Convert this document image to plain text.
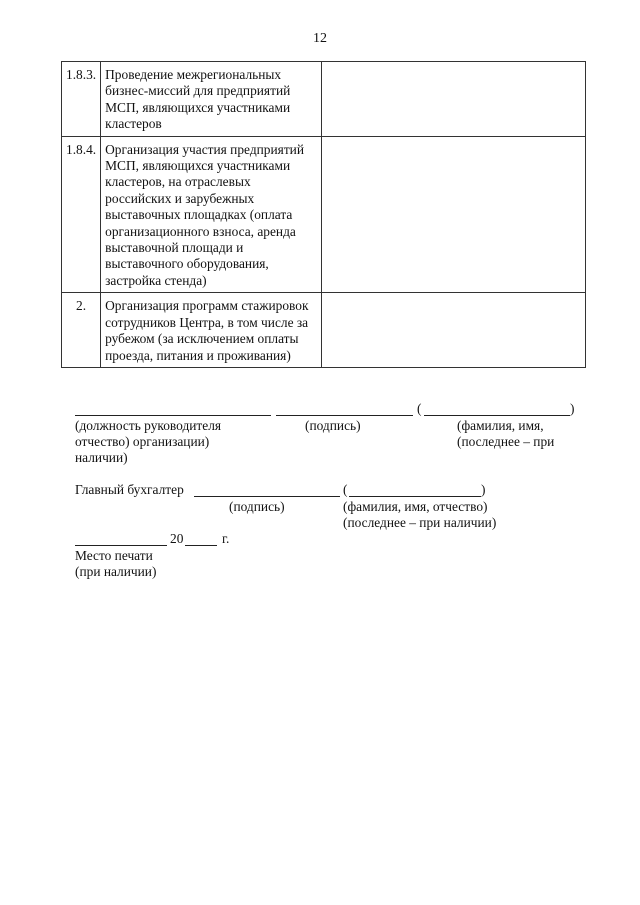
12
1.8.3.	Проведение межрегиональных бизнес-миссий для предприятий МСП, являющихся участниками кластеров	
1.8.4.	Организация участия предприятий МСП, являющихся участниками кластеров, на отраслевых российских и зарубежных выставочных площадках (оплата организационного взноса, аренда выставочной площади и выставочного оборудования, застройка стенда)	
2.	Организация программ стажировок сотрудников Центра, в том числе за рубежом (за исключением оплаты проезда, питания и проживания)	
(	)
(должность руководителя
отчество) организации)
наличии)
(подпись)	(фамилия, имя,
(последнее – при
Главный бухгалтер	(	)
(подпись)	(фамилия, имя, отчество)
(последнее – при наличии)
20	г.
Место печати
(при наличии)
